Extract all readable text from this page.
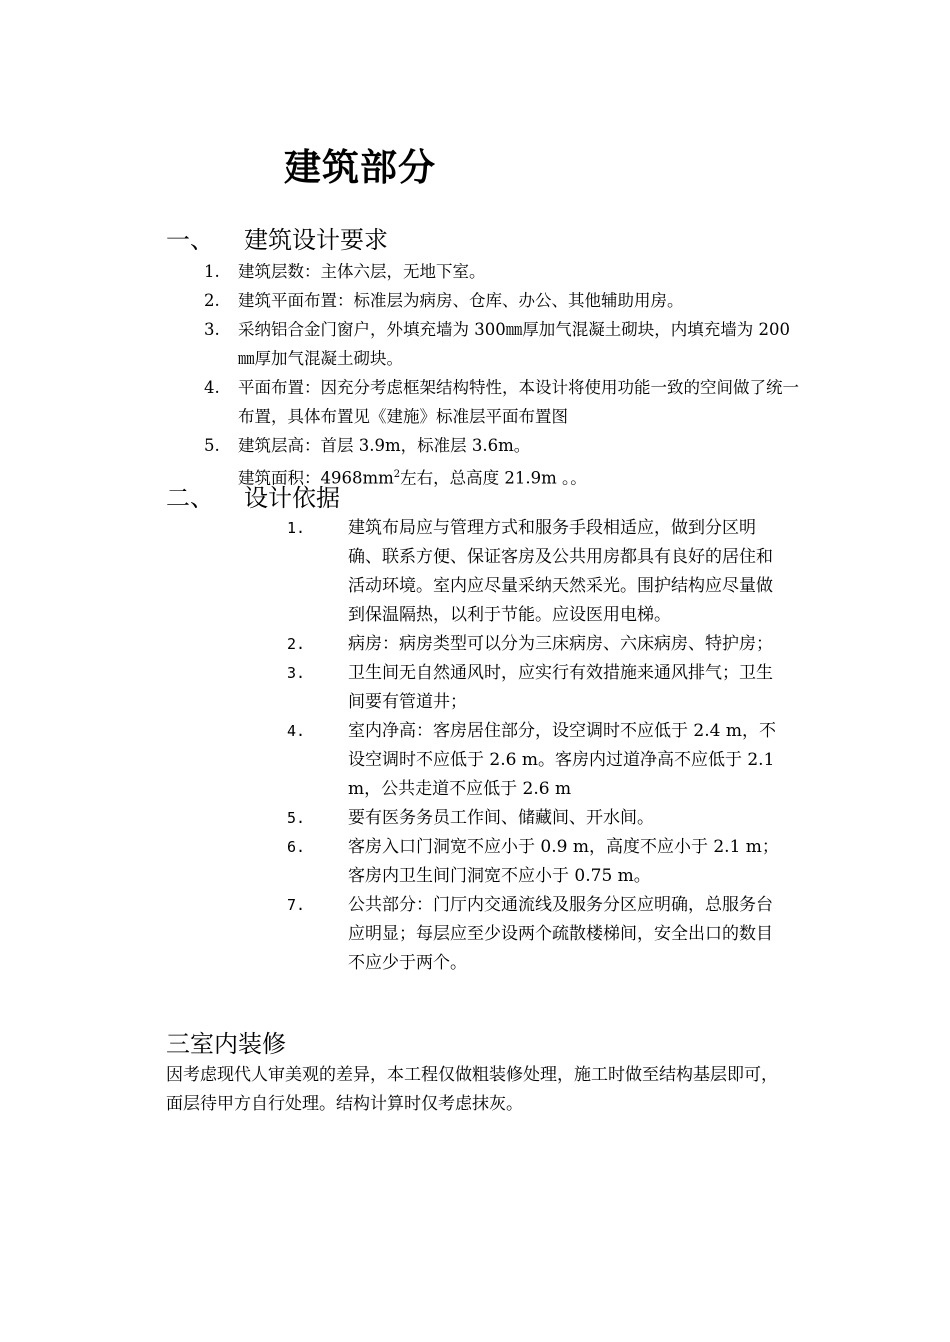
建筑部分
一、 建筑设计要求
1. 建筑层数：主体六层，无地下室。
2. 建筑平面布置：标准层为病房、仓库、办公、其他辅助用房。
3. 采纳铝合金门窗户，外填充墙为 300㎜厚加气混凝土砌块，内填充墙为 200㎜厚加气混凝土砌块。
4. 平面布置：因充分考虑框架结构特性，本设计将使用功能一致的空间做了统一布置，具体布置见《建施》标准层平面布置图
5. 建筑层高：首层 3.9m，标准层 3.6m。
建筑面积：$4968mm^2$左右，总高度 21.9m 。。
二、 设计依据
1.	建筑布局应与管理方式和服务手段相适应，做到分区明确、联系方便、保证客房及公共用房都具有良好的居住和活动环境。室内应尽量采纳天然采光。围护结构应尽量做到保温隔热，以利于节能。应设医用电梯。
2.	病房：病房类型可以分为三床病房、六床病房、特护房；
3.	卫生间无自然通风时，应实行有效措施来通风排气；卫生间要有管道井；
4.	室内净高：客房居住部分，设空调时不应低于 2.4 m，不设空调时不应低于 2.6 m。客房内过道净高不应低于 2.1 m，公共走道不应低于 2.6 m
5.	要有医务务员工作间、储藏间、开水间。
6.	客房入口门洞宽不应小于 0.9 m，高度不应小于 2.1 m；客房内卫生间门洞宽不应小于 0.75 m。
7.	公共部分：门厅内交通流线及服务分区应明确，总服务台应明显；每层应至少设两个疏散楼梯间，安全出口的数目不应少于两个。
三室内装修
因考虑现代人审美观的差异，本工程仅做粗装修处理，施工时做至结构基层即可，面层待甲方自行处理。结构计算时仅考虑抹灰。
